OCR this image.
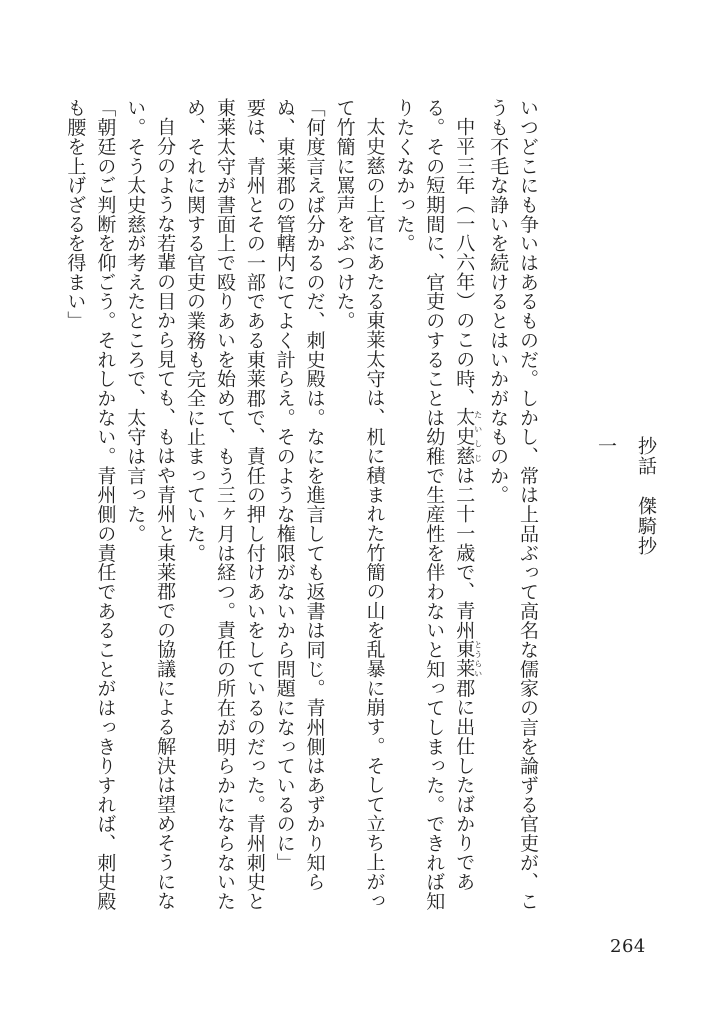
抄話　傑騎抄
一

いつどこにも争いはあるものだ。しかし、常は上品ぶって高名な儒家の言を論ずる官吏が、こうも不毛な諍いを続けるとはいかがなものか。

中平三年（一八六年）のこの時、太史慈たいしじは二十一歳で、青州東莱とうらい郡に出仕したばかりである。その短期間に、官吏のすることは幼稚で生産性を伴わないと知ってしまった。できれば知りたくなかった。

太史慈の上官にあたる東莱太守は、机に積まれた竹簡の山を乱暴に崩す。そして立ち上がって竹簡に罵声をぶつけた。

「何度言えば分かるのだ、刺史殿は。なにを進言しても返書は同じ。青州側はあずかり知らぬ、東莱郡の管轄内にてよく計らえ。そのような権限がないから問題になっているのに」

要は、青州とその一部である東莱郡で、責任の押し付けあいをしているのだった。青州刺史と東莱太守が書面上で殴りあいを始めて、もう三ヶ月は経つ。責任の所在が明らかにならないため、それに関する官吏の業務も完全に止まっていた。

自分のような若輩の目から見ても、もはや青州と東莱郡での協議による解決は望めそうにない。そう太史慈が考えたところで、太守は言った。

「朝廷のご判断を仰ごう。それしかない。青州側の責任であることがはっきりすれば、刺史殿も腰を上げざるを得まい」

264
